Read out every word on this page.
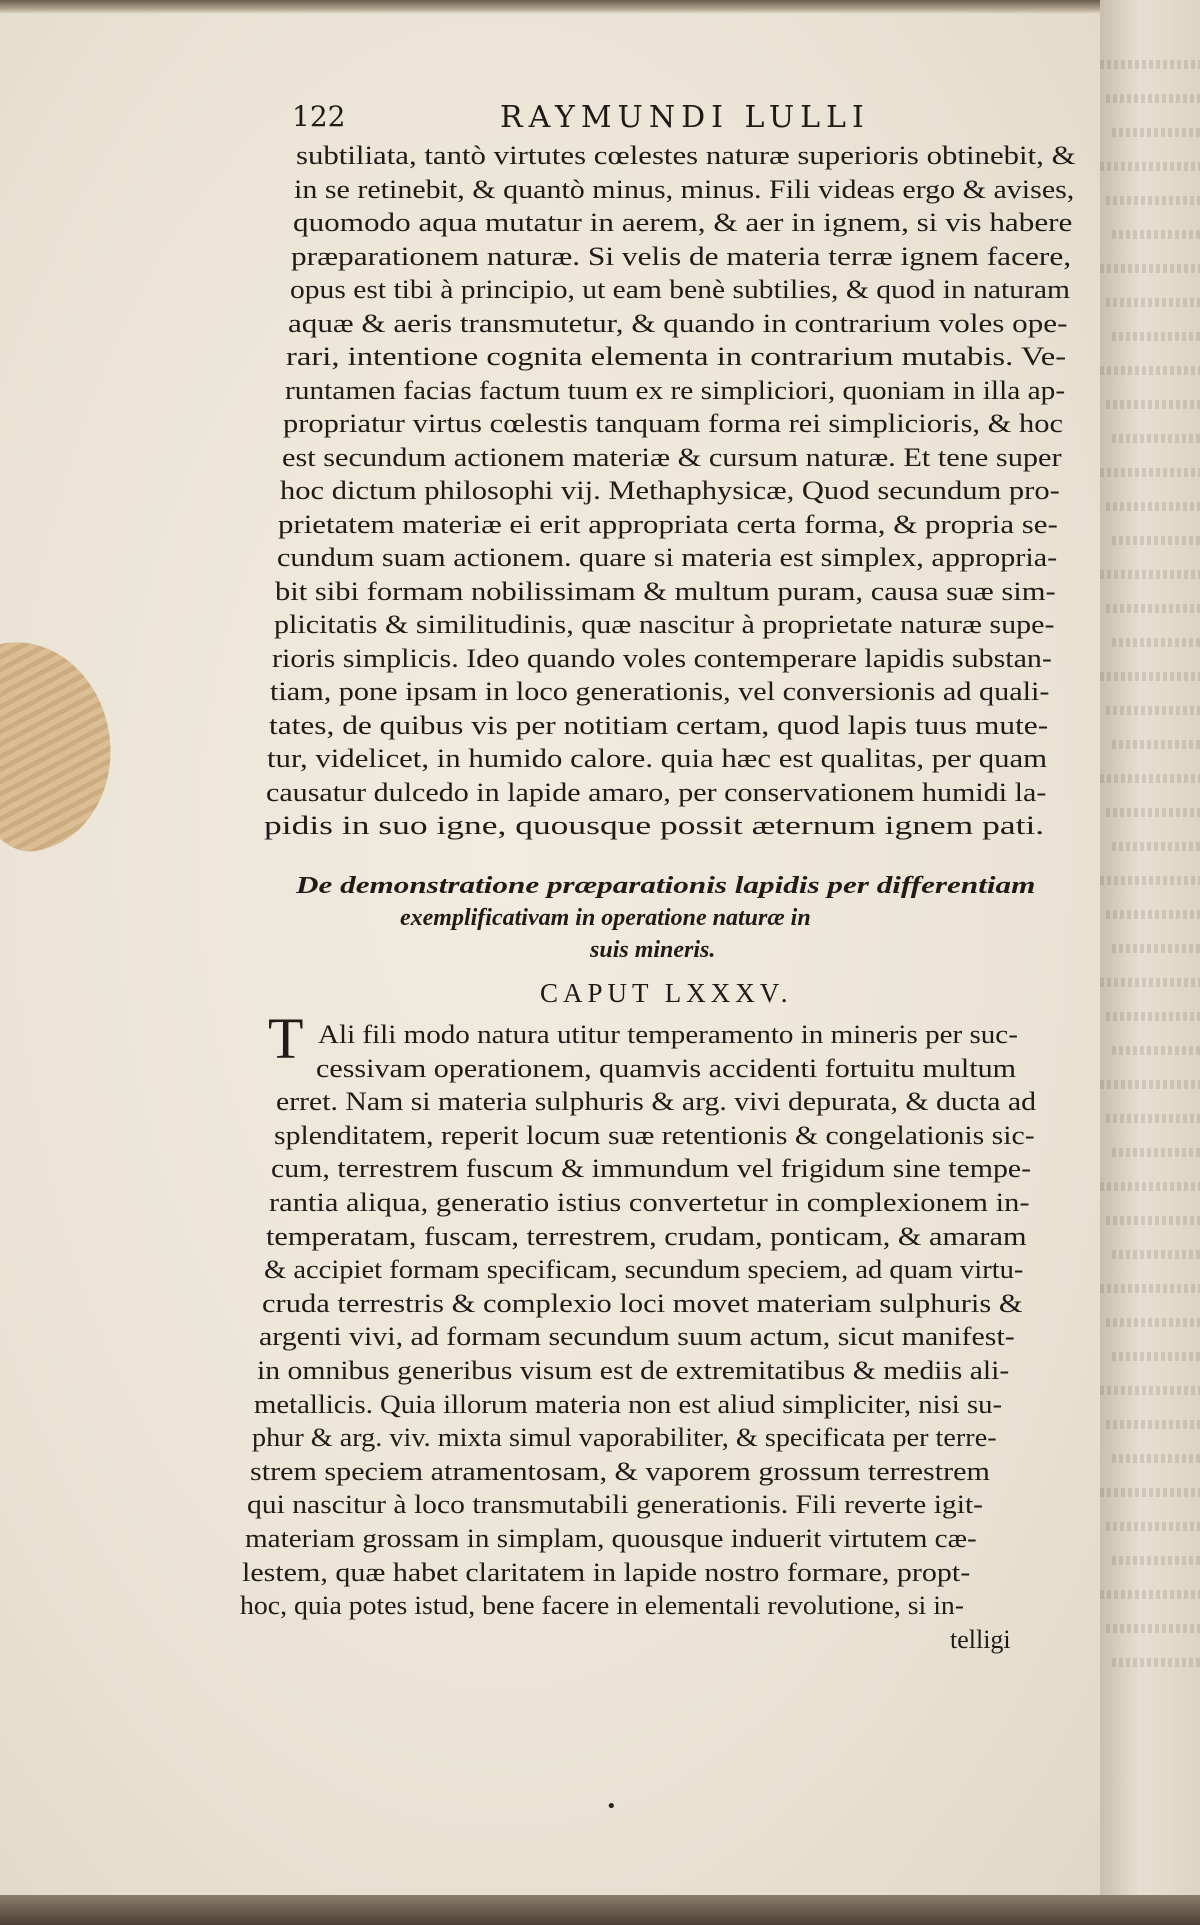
122	RAYMUNDI LULLI
T
subtiliata, tantò virtutes cœlestes naturæ superioris obtinebit, &
in se retinebit, & quantò minus, minus. Fili videas ergo & avises,
quomodo aqua mutatur in aerem, & aer in ignem, si vis habere
præparationem naturæ. Si velis de materia terræ ignem facere,
opus est tibi à principio, ut eam benè subtilies, & quod in naturam
aquæ & aeris transmutetur, & quando in contrarium voles ope-
rari, intentione cognita elementa in contrarium mutabis. Ve-
runtamen facias factum tuum ex re simpliciori, quoniam in illa ap-
propriatur virtus cœlestis tanquam forma rei simplicioris, & hoc
est secundum actionem materiæ & cursum naturæ. Et tene super
hoc dictum philosophi vij. Methaphysicæ, Quod secundum pro-
prietatem materiæ ei erit appropriata certa forma, & propria se-
cundum suam actionem. quare si materia est simplex, appropria-
bit sibi formam nobilissimam & multum puram, causa suæ sim-
plicitatis & similitudinis, quæ nascitur à proprietate naturæ supe-
rioris simplicis. Ideo quando voles contemperare lapidis substan-
tiam, pone ipsam in loco generationis, vel conversionis ad quali-
tates, de quibus vis per notitiam certam, quod lapis tuus mute-
tur, videlicet, in humido calore. quia hæc est qualitas, per quam
causatur dulcedo in lapide amaro, per conservationem humidi la-
pidis in suo igne, quousque possit æternum ignem pati.
De demonstratione præparationis lapidis per differentiam
exemplificativam in operatione naturæ in
suis mineris.
CAPUT LXXXV.
Ali fili modo natura utitur temperamento in mineris per suc-
cessivam operationem, quamvis accidenti fortuitu multum
erret. Nam si materia sulphuris & arg. vivi depurata, & ducta ad
splenditatem, reperit locum suæ retentionis & congelationis sic-
cum, terrestrem fuscum & immundum vel frigidum sine tempe-
rantia aliqua, generatio istius convertetur in complexionem in-
temperatam, fuscam, terrestrem, crudam, ponticam, & amaram
& accipiet formam specificam, secundum speciem, ad quam virtu-
cruda terrestris & complexio loci movet materiam sulphuris &
argenti vivi, ad formam secundum suum actum, sicut manifest-
in omnibus generibus visum est de extremitatibus & mediis ali-
metallicis. Quia illorum materia non est aliud simpliciter, nisi su-
phur & arg. viv. mixta simul vaporabiliter, & specificata per terre-
strem speciem atramentosam, & vaporem grossum terrestrem
qui nascitur à loco transmutabili generationis. Fili reverte igit-
materiam grossam in simplam, quousque induerit virtutem cæ-
lestem, quæ habet claritatem in lapide nostro formare, propt-
hoc, quia potes istud, bene facere in elementali revolutione, si in-
telligi
•
